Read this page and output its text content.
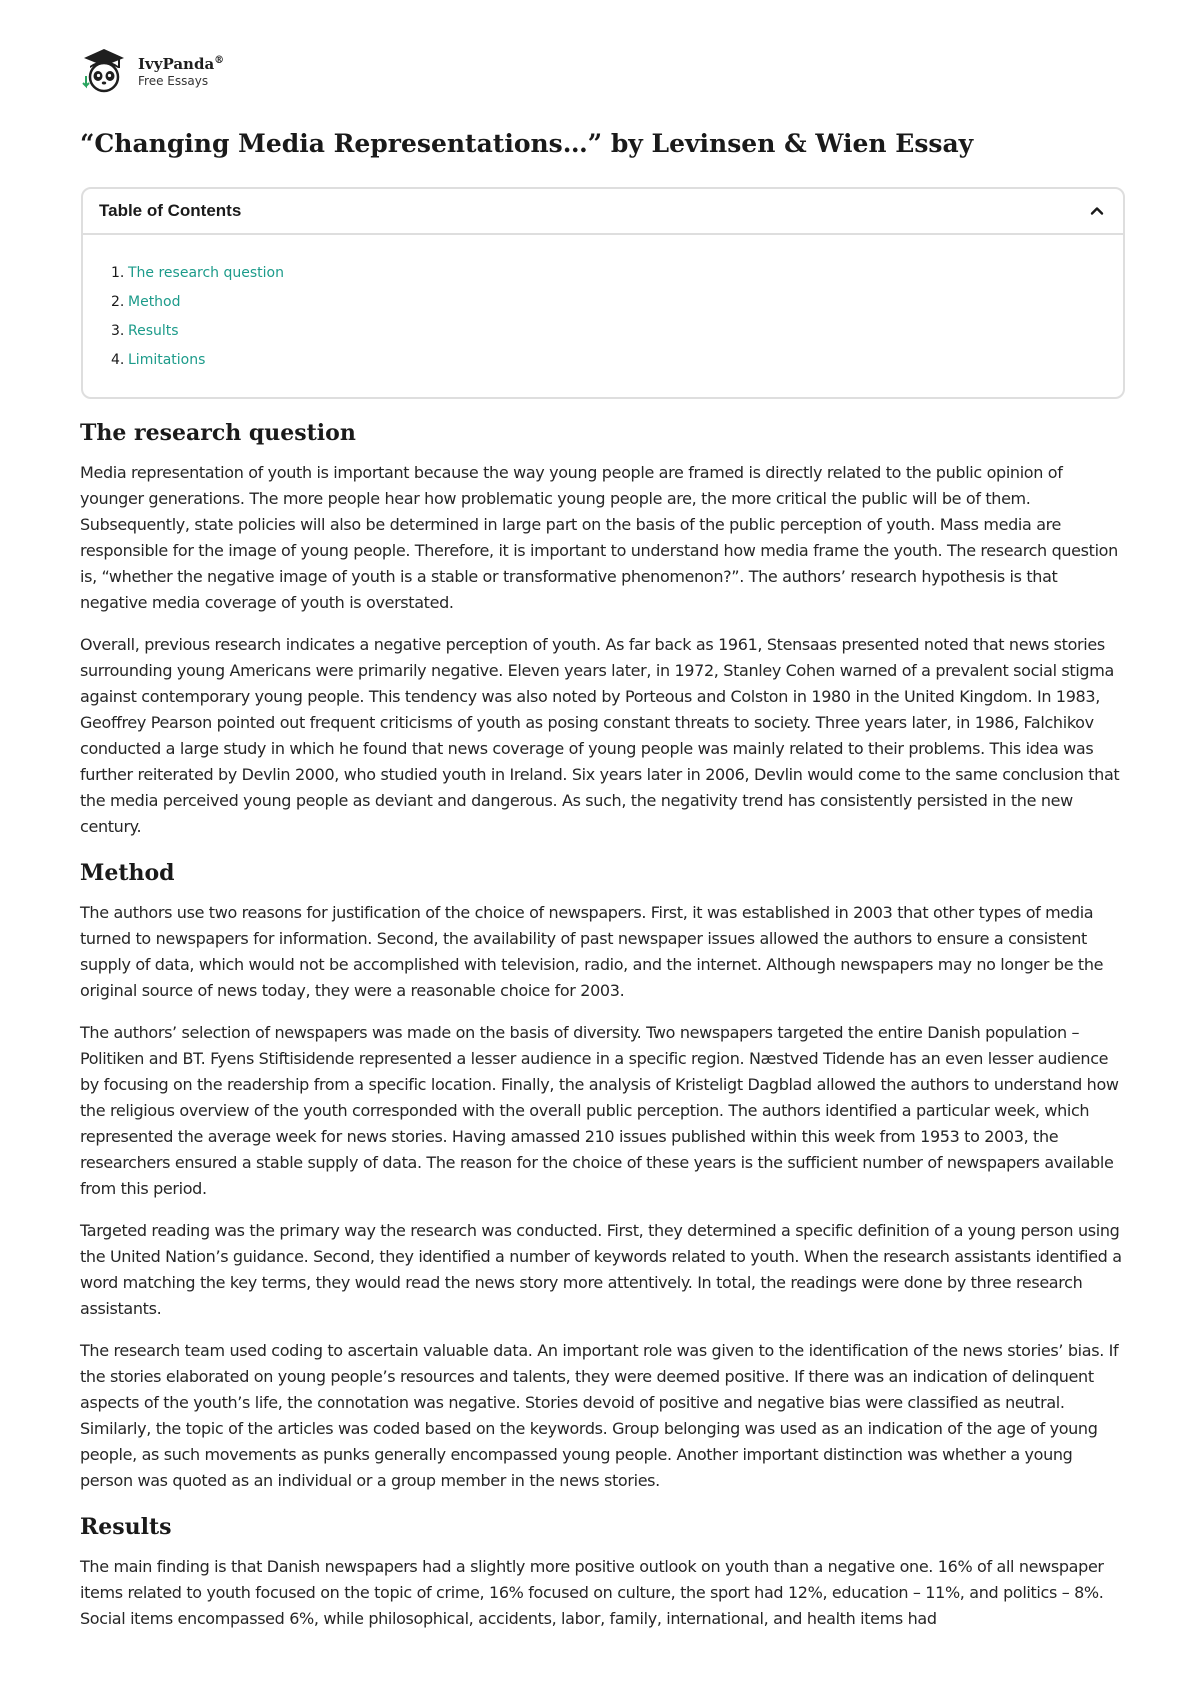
IvyPanda®
Free Essays
“Changing Media Representations…” by Levinsen & Wien Essay
Table of Contents
1. The research question
2. Method
3. Results
4. Limitations
The research question

Media representation of youth is important because the way young people are framed is directly related to the public opinion of younger generations. The more people hear how problematic young people are, the more critical the public will be of them. Subsequently, state policies will also be determined in large part on the basis of the public perception of youth. Mass media are responsible for the image of young people. Therefore, it is important to understand how media frame the youth. The research question is, “whether the negative image of youth is a stable or transformative phenomenon?”. The authors’ research hypothesis is that negative media coverage of youth is overstated.

Overall, previous research indicates a negative perception of youth. As far back as 1961, Stensaas presented noted that news stories surrounding young Americans were primarily negative. Eleven years later, in 1972, Stanley Cohen warned of a prevalent social stigma against contemporary young people. This tendency was also noted by Porteous and Colston in 1980 in the United Kingdom. In 1983, Geoffrey Pearson pointed out frequent criticisms of youth as posing constant threats to society. Three years later, in 1986, Falchikov conducted a large study in which he found that news coverage of young people was mainly related to their problems. This idea was further reiterated by Devlin 2000, who studied youth in Ireland. Six years later in 2006, Devlin would come to the same conclusion that the media perceived young people as deviant and dangerous. As such, the negativity trend has consistently persisted in the new century.

Method

The authors use two reasons for justification of the choice of newspapers. First, it was established in 2003 that other types of media turned to newspapers for information. Second, the availability of past newspaper issues allowed the authors to ensure a consistent supply of data, which would not be accomplished with television, radio, and the internet. Although newspapers may no longer be the original source of news today, they were a reasonable choice for 2003.

The authors’ selection of newspapers was made on the basis of diversity. Two newspapers targeted the entire Danish population – Politiken and BT. Fyens Stiftisidende represented a lesser audience in a specific region. Næstved Tidende has an even lesser audience by focusing on the readership from a specific location. Finally, the analysis of Kristeligt Dagblad allowed the authors to understand how the religious overview of the youth corresponded with the overall public perception. The authors identified a particular week, which represented the average week for news stories. Having amassed 210 issues published within this week from 1953 to 2003, the researchers ensured a stable supply of data. The reason for the choice of these years is the sufficient number of newspapers available from this period.

Targeted reading was the primary way the research was conducted. First, they determined a specific definition of a young person using the United Nation’s guidance. Second, they identified a number of keywords related to youth. When the research assistants identified a word matching the key terms, they would read the news story more attentively. In total, the readings were done by three research assistants.

The research team used coding to ascertain valuable data. An important role was given to the identification of the news stories’ bias. If the stories elaborated on young people’s resources and talents, they were deemed positive. If there was an indication of delinquent aspects of the youth’s life, the connotation was negative. Stories devoid of positive and negative bias were classified as neutral. Similarly, the topic of the articles was coded based on the keywords. Group belonging was used as an indication of the age of young people, as such movements as punks generally encompassed young people. Another important distinction was whether a young person was quoted as an individual or a group member in the news stories.

Results

The main finding is that Danish newspapers had a slightly more positive outlook on youth than a negative one. 16% of all newspaper items related to youth focused on the topic of crime, 16% focused on culture, the sport had 12%, education – 11%, and politics – 8%. Social items encompassed 6%, while philosophical, accidents, labor, family, international, and health items had
